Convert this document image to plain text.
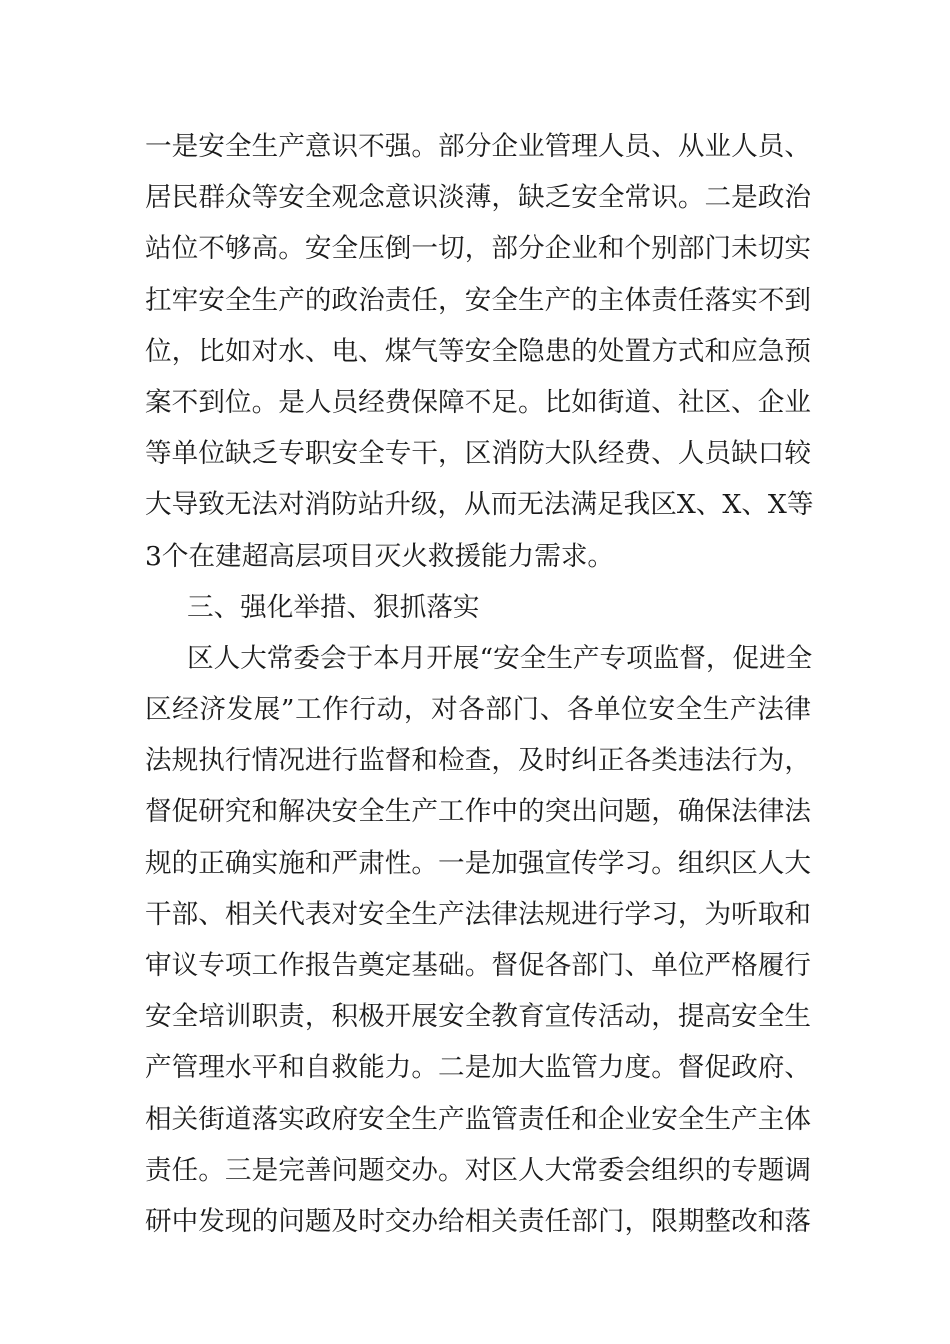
一是安全生产意识不强。部分企业管理人员、从业人员、
居民群众等安全观念意识淡薄，缺乏安全常识。二是政治
站位不够高。安全压倒一切，部分企业和个别部门未切实
扛牢安全生产的政治责任，安全生产的主体责任落实不到
位，比如对水、电、煤气等安全隐患的处置方式和应急预
案不到位。是人员经费保障不足。比如街道、社区、企业
等单位缺乏专职安全专干，区消防大队经费、人员缺口较
大导致无法对消防站升级，从而无法满足我区X、X、X等
3个在建超高层项目灭火救援能力需求。
三、强化举措、狠抓落实
区人大常委会于本月开展“安全生产专项监督，促进全
区经济发展”工作行动，对各部门、各单位安全生产法律
法规执行情况进行监督和检查，及时纠正各类违法行为，
督促研究和解决安全生产工作中的突出问题，确保法律法
规的正确实施和严肃性。一是加强宣传学习。组织区人大
干部、相关代表对安全生产法律法规进行学习，为听取和
审议专项工作报告奠定基础。督促各部门、单位严格履行
安全培训职责，积极开展安全教育宣传活动，提高安全生
产管理水平和自救能力。二是加大监管力度。督促政府、
相关街道落实政府安全生产监管责任和企业安全生产主体
责任。三是完善问题交办。对区人大常委会组织的专题调
研中发现的问题及时交办给相关责任部门，限期整改和落
